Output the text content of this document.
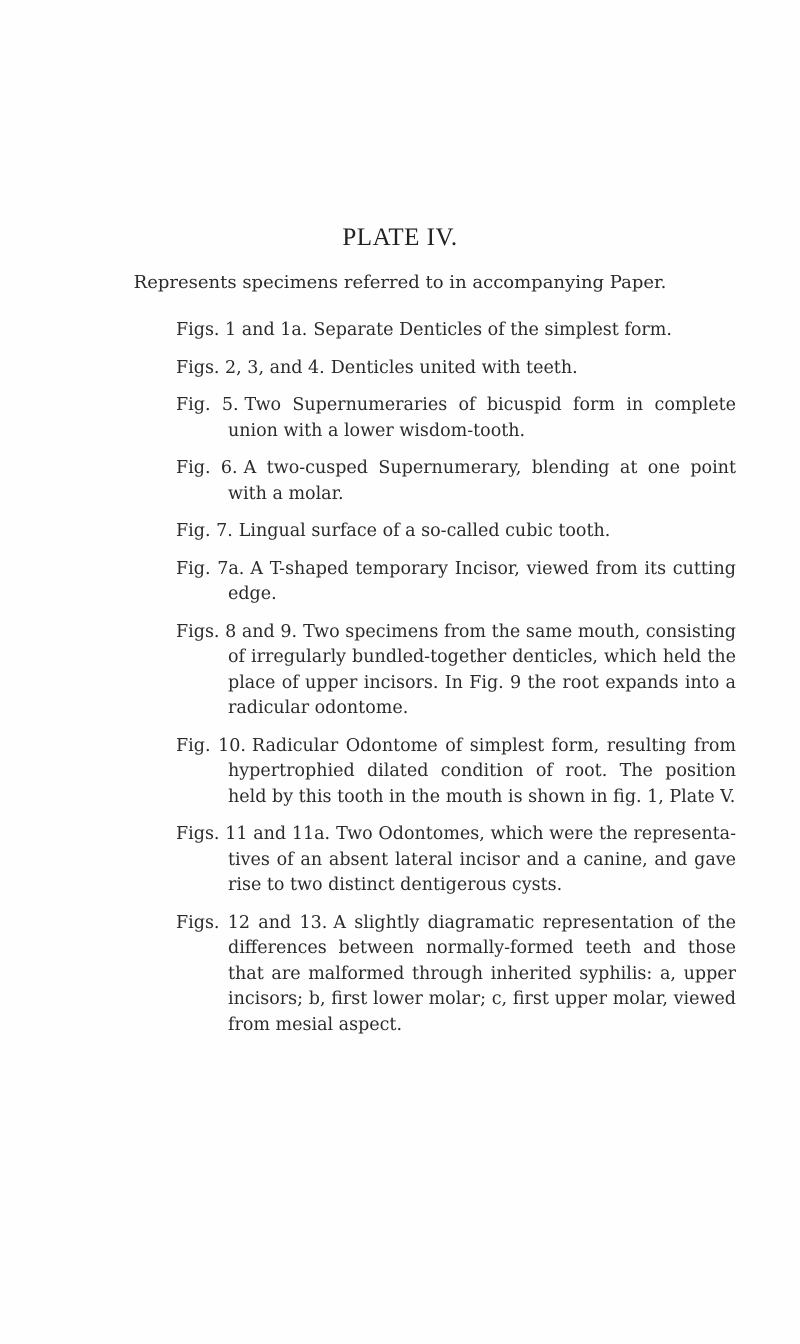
PLATE IV.

Represents specimens referred to in accompanying Paper.

Figs. 1 and 1a. Separate Denticles of the simplest form.
Figs. 2, 3, and 4. Denticles united with teeth.
Fig. 5. Two Supernumeraries of bicuspid form in complete union with a lower wisdom-tooth.
Fig. 6. A two-cusped Supernumerary, blending at one point with a molar.
Fig. 7. Lingual surface of a so-called cubic tooth.
Fig. 7a. A T-shaped temporary Incisor, viewed from its cutting edge.
Figs. 8 and 9. Two specimens from the same mouth, consisting of irregularly bundled-together denticles, which held the place of upper incisors. In Fig. 9 the root expands into a radicular odontome.
Fig. 10. Radicular Odontome of simplest form, resulting from hypertrophied dilated condition of root. The position held by this tooth in the mouth is shown in fig. 1, Plate V.
Figs. 11 and 11a. Two Odontomes, which were the representa-tives of an absent lateral incisor and a canine, and gave rise to two distinct dentigerous cysts.
Figs. 12 and 13. A slightly diagramatic representation of the differences between normally-formed teeth and those that are malformed through inherited syphilis: a, upper incisors; b, first lower molar; c, first upper molar, viewed from mesial aspect.
